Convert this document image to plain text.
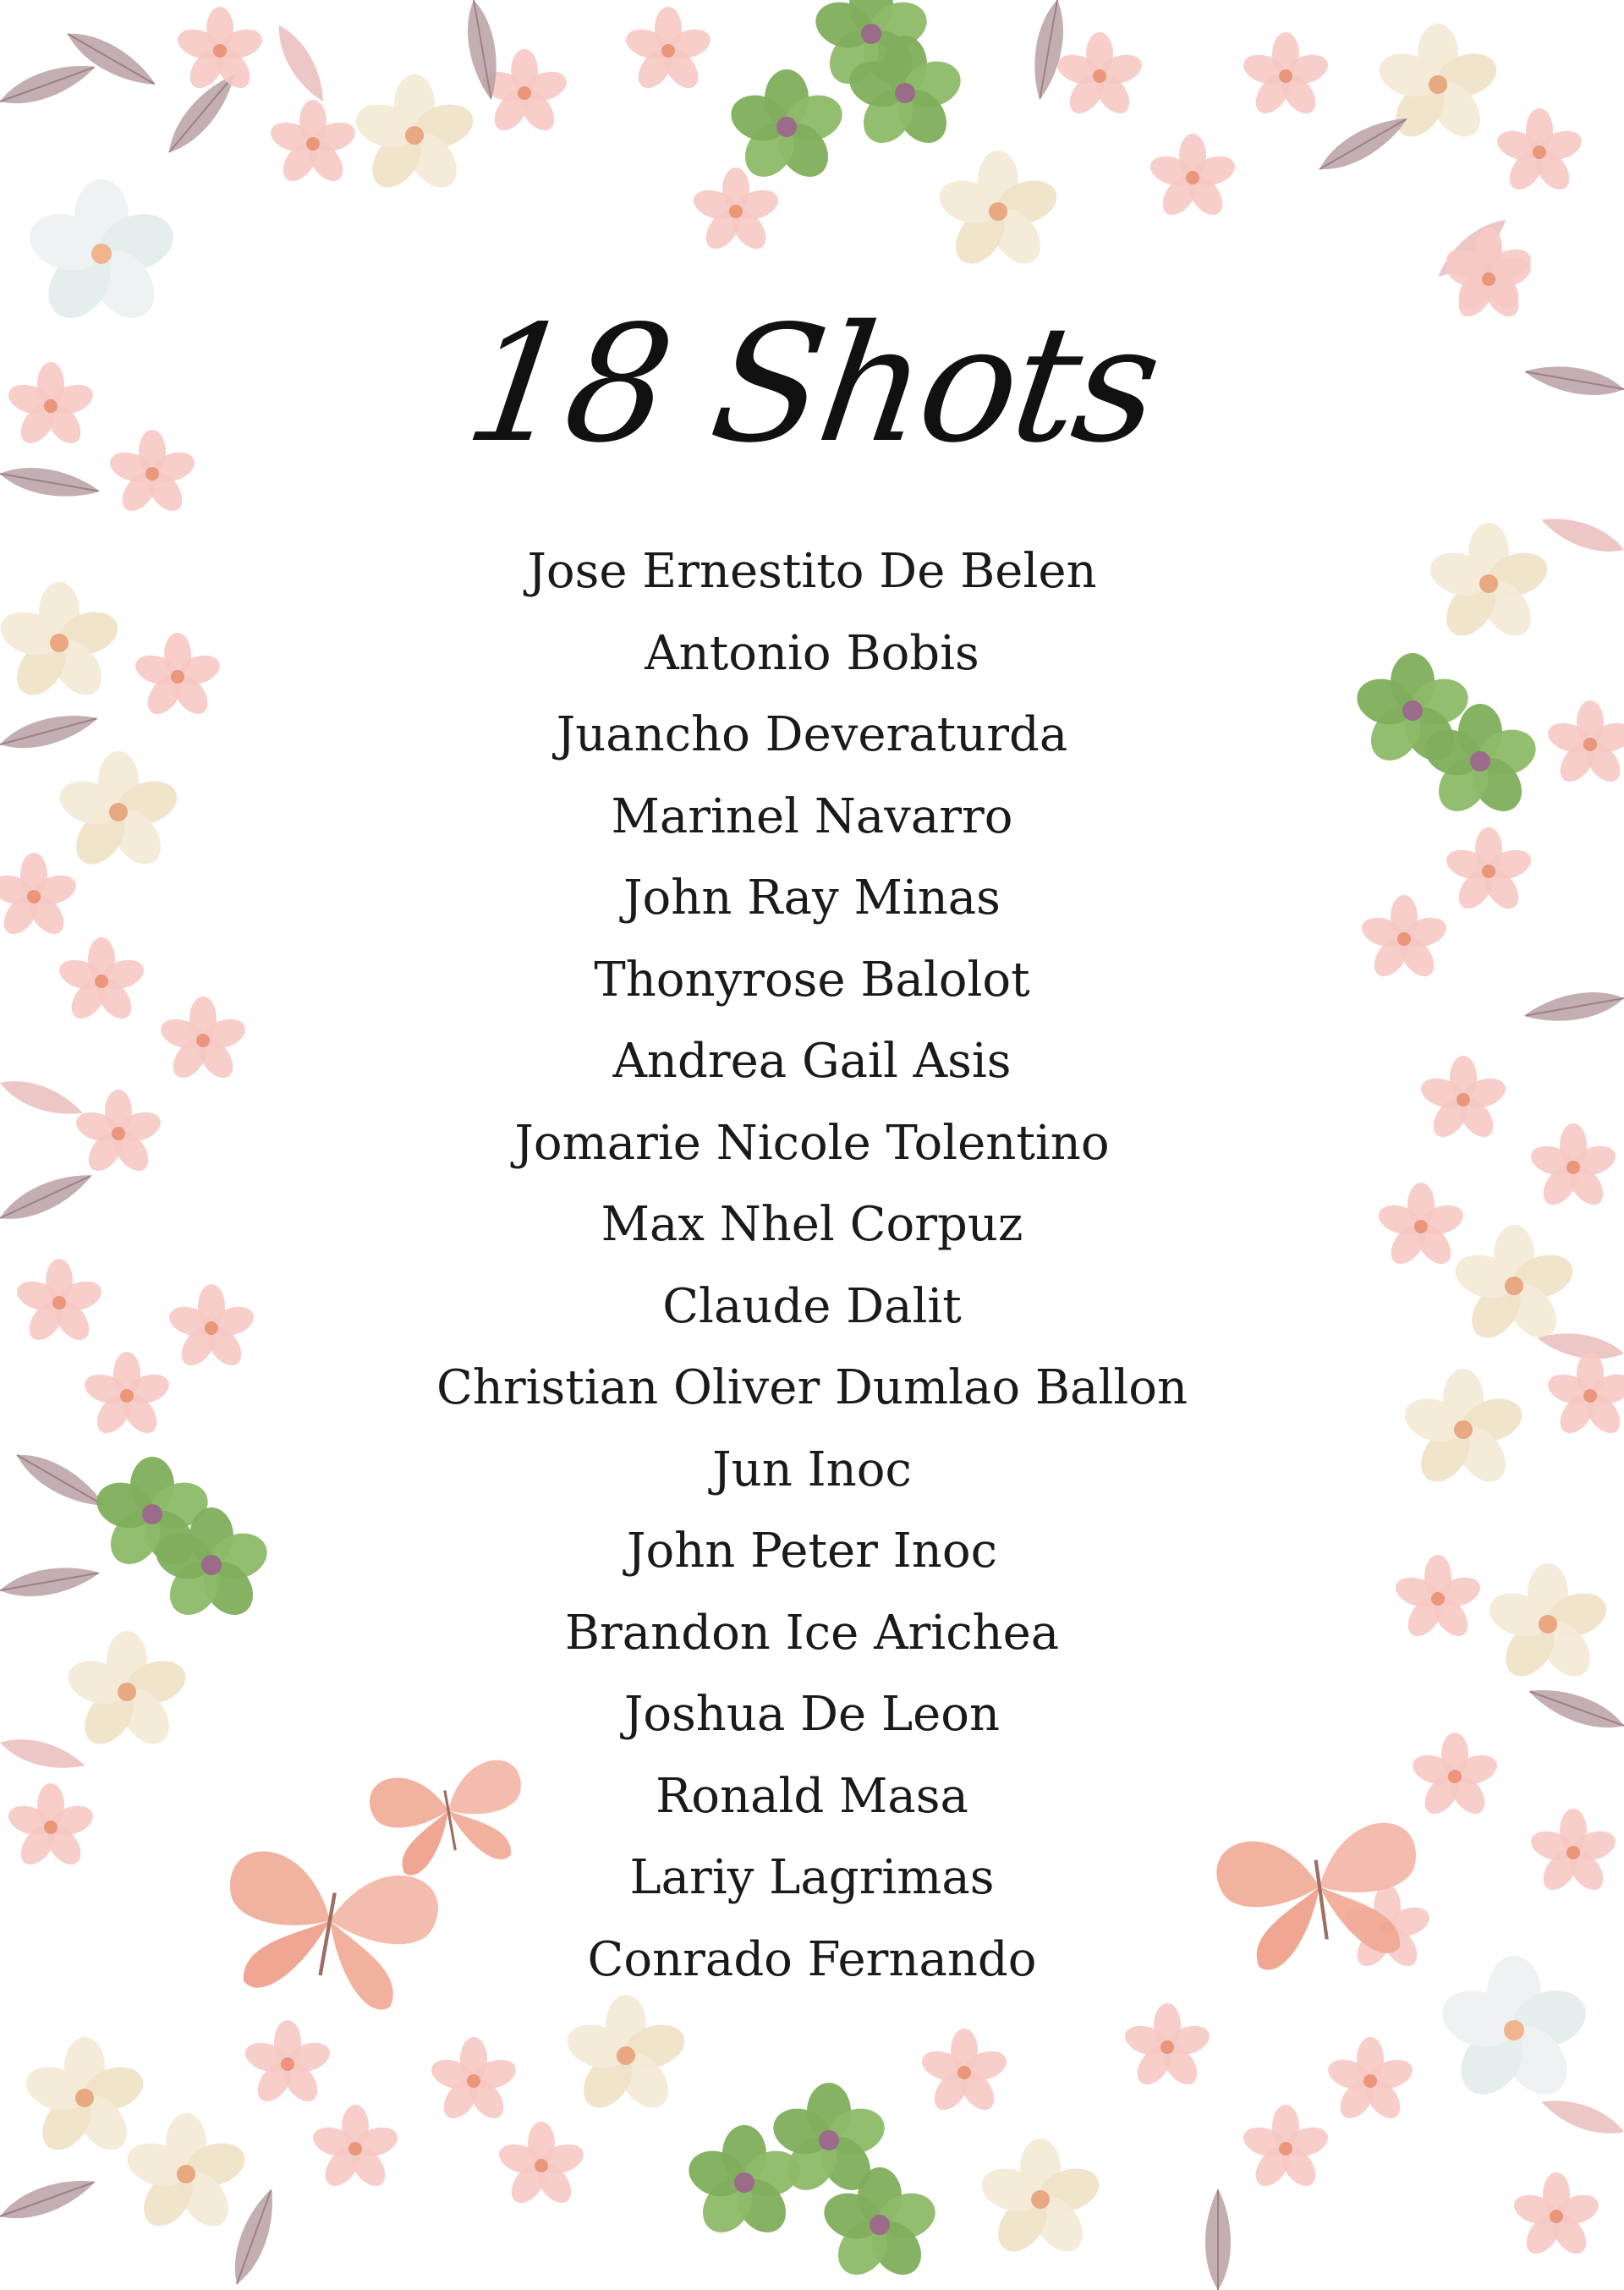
18 Shots
Jose Ernestito De Belen
Antonio Bobis
Juancho Deveraturda
Marinel Navarro
John Ray Minas
Thonyrose Balolot
Andrea Gail Asis
Jomarie Nicole Tolentino
Max Nhel Corpuz
Claude Dalit
Christian Oliver Dumlao Ballon
Jun Inoc
John Peter Inoc
Brandon Ice Arichea
Joshua De Leon
Ronald Masa
Lariy Lagrimas
Conrado Fernando
